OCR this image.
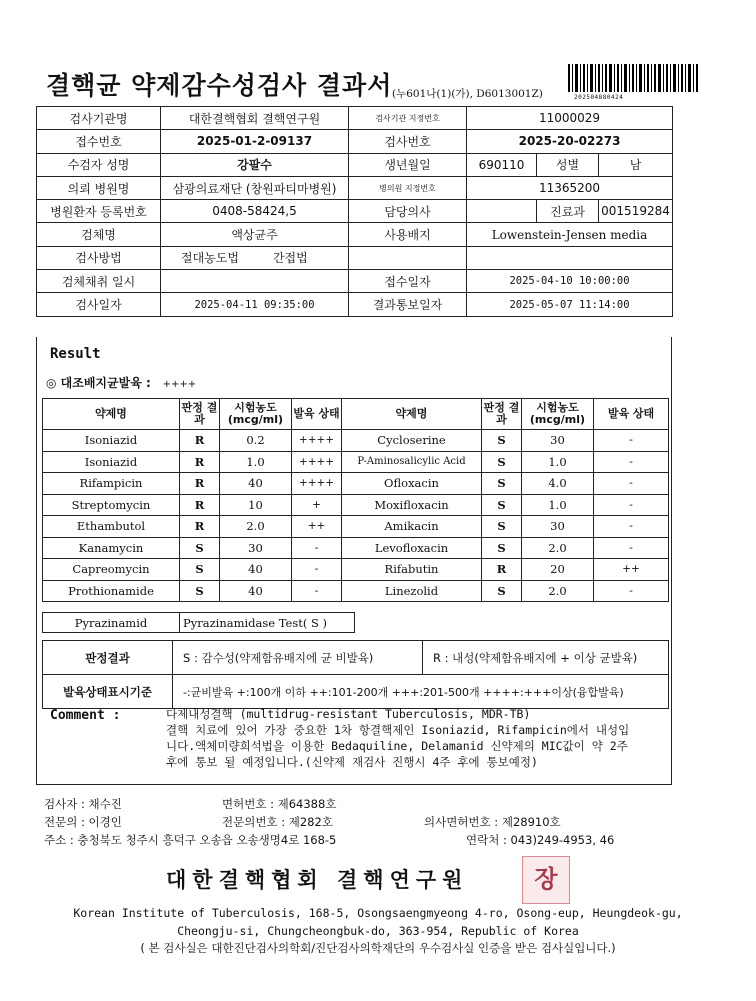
결핵균 약제감수성검사 결과서 (누601나(1)(가), D6013001Z)	202504880424
검사기관명	대한결핵협회 결핵연구원	검사기관 지정번호	11000029		
접수번호	2025-01-2-09137	검사번호	2025-20-02273		
수검자 성명	강팔수	생년월일	690110	성별	남
의뢰 병원명	삼광의료재단 (창원파티마병원)	병의원 지정번호	11365200		
병원환자 등록번호	0408-58424,5	담당의사		진료과	001519284
검체명	액상균주	사용배지	Lowenstein-Jensen media		
검사방법	절대농도법 간접법				
검체채취 일시		접수일자	2025-04-10 10:00:00		
검사일자	2025-04-11 09:35:00	결과통보일자	2025-05-07 11:14:00		
Result
◎ 대조배지균발육 : ++++
약제명	판정 결과	시험농도 (mcg/ml)	발육 상태	약제명	판정 결과	시험농도 (mcg/ml)	발육 상태
Isoniazid	R	0.2	++++	Cycloserine	S	30	-
Isoniazid	R	1.0	++++	P-Aminosalicylic Acid	S	1.0	-
Rifampicin	R	40	++++	Ofloxacin	S	4.0	-
Streptomycin	R	10	+	Moxifloxacin	S	1.0	-
Ethambutol	R	2.0	++	Amikacin	S	30	-
Kanamycin	S	30	-	Levofloxacin	S	2.0	-
Capreomycin	S	40	-	Rifabutin	R	20	++
Prothionamide	S	40	-	Linezolid	S	2.0	-
Pyrazinamid	Pyrazinamidase Test( S )
판정결과	S : 감수성(약제함유배지에 균 비발육)	R : 내성(약제함유배지에 + 이상 균발육)
발육상태표시기준	-:균비발육 +:100개 이하 ++:101-200개 +++:201-500개 ++++:+++이상(융합발육)	
Comment :	다제내성결핵 (multidrug-resistant Tuberculosis, MDR-TB)
결핵 치료에 있어 가장 중요한 1차 항결핵제인 Isoniazid, Rifampicin에서 내성입
니다.액체미량희석법을 이용한 Bedaquiline, Delamanid 신약제의 MIC값이 약 2주
후에 통보 될 예정입니다.(신약제 재검사 진행시 4주 후에 통보예정)
검사자 : 채수진	면허번호 : 제64388호
전문의 : 이경인	전문의번호 : 제282호	의사면허번호 : 제28910호
주소 : 충청북도 청주시 흥덕구 오송읍 오송생명4로 168-5	연락처 : 043)249-4953, 46
대한결핵협회 결핵연구원	장
Korean Institute of Tuberculosis, 168-5, Osongsaengmyeong 4-ro, Osong-eup, Heungdeok-gu,
Cheongju-si, Chungcheongbuk-do, 363-954, Republic of Korea
( 본 검사실은 대한진단검사의학회/진단검사의학재단의 우수검사실 인증을 받은 검사실입니다.)
